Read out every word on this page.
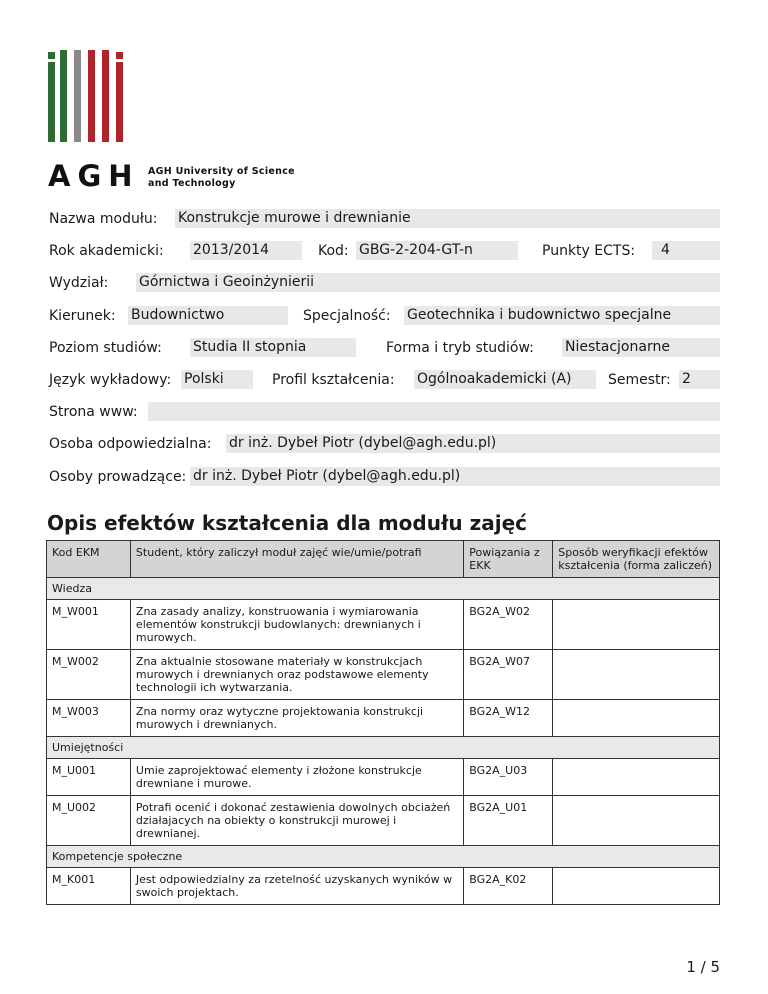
AGH AGH University of Science
and Technology
Nazwa modułu: Konstrukcje murowe i drewnianie
Rok akademicki: 2013/2014	Kod: GBG-2-204-GT-n	Punkty ECTS:	4
Wydział: Górnictwa i Geoinżynierii
Kierunek: Budownictwo	Specjalność: Geotechnika i budownictwo specjalne
Poziom studiów: Studia II stopnia	Forma i tryb studiów: Niestacjonarne
Język wykładowy: Polski	Profil kształcenia: Ogólnoakademicki (A)	Semestr: 2
Strona www:
Osoba odpowiedzialna: dr inż. Dybeł Piotr (dybel@agh.edu.pl)
Osoby prowadzące: dr inż. Dybeł Piotr (dybel@agh.edu.pl)
Opis efektów kształcenia dla modułu zajęć
Kod EKM	Student, który zaliczył moduł zajęć wie/umie/potrafi	Powiązania z EKK	Sposób weryfikacji efektów kształcenia (forma zaliczeń)
Wiedza			
M_W001	Zna zasady analizy, konstruowania i wymiarowania elementów konstrukcji budowlanych: drewnianych i murowych.	BG2A_W02	
M_W002	Zna aktualnie stosowane materiały w konstrukcjach murowych i drewnianych oraz podstawowe elementy technologii ich wytwarzania.	BG2A_W07	
M_W003	Zna normy oraz wytyczne projektowania konstrukcji murowych i drewnianych.	BG2A_W12	
Umiejętności			
M_U001	Umie zaprojektować elementy i złożone konstrukcje drewniane i murowe.	BG2A_U03	
M_U002	Potrafi ocenić i dokonać zestawienia dowolnych obciażeń działajacych na obiekty o konstrukcji murowej i drewnianej.	BG2A_U01	
Kompetencje społeczne			
M_K001	Jest odpowiedzialny za rzetelność uzyskanych wyników w swoich projektach.	BG2A_K02	
1 / 5
